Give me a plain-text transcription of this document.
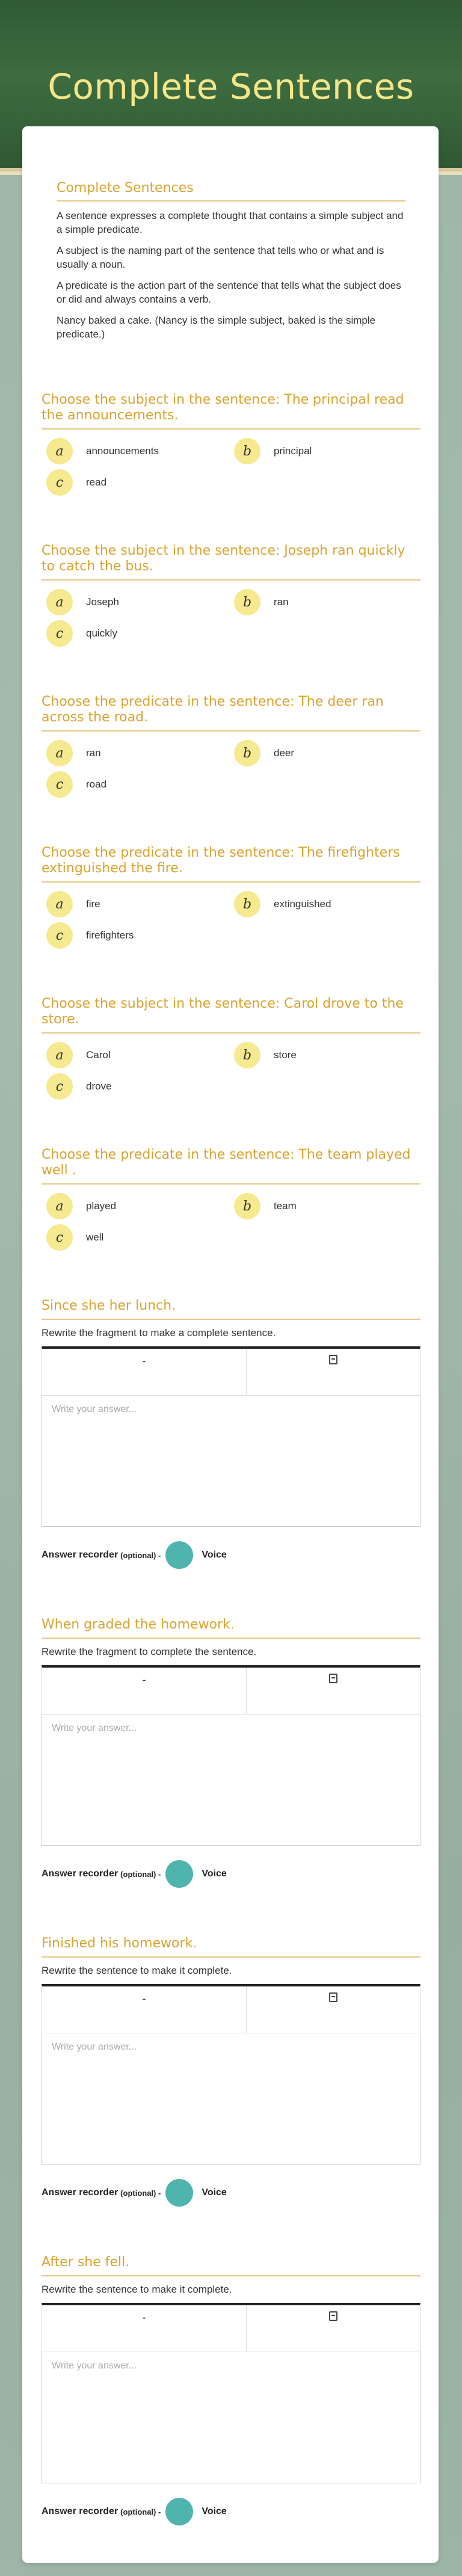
Complete Sentences
Complete Sentences

A sentence expresses a complete thought that contains a simple subject and a simple predicate.

A subject is the naming part of the sentence that tells who or what and is usually a noun.

A predicate is the action part of the sentence that tells what the subject does or did and always contains a verb.

Nancy baked a cake. (Nancy is the simple subject, baked is the simple predicate.)

Choose the subject in the sentence: The principal read the announcements.
a	announcements	b	principal
c	read
Choose the subject in the sentence: Joseph ran quickly to catch the bus.
a	Joseph	b	ran
c	quickly
Choose the predicate in the sentence: The deer ran across the road.
a	ran	b	deer
c	road
Choose the predicate in the sentence: The firefighters extinguished the fire.
a	fire	b	extinguished
c	firefighters
Choose the subject in the sentence: Carol drove to the store.
a	Carol	b	store
c	drove
Choose the predicate in the sentence: The team played well .
a	played	b	team
c	well
Since she her lunch.
Rewrite the fragment to make a complete sentence.
-
Write your answer...
Answer recorder (optional) -	Voice
When graded the homework.
Rewrite the fragment to complete the sentence.
-
Write your answer...
Answer recorder (optional) -	Voice
Finished his homework.
Rewrite the sentence to make it complete.
-
Write your answer...
Answer recorder (optional) -	Voice
After she fell.
Rewrite the sentence to make it complete.
-
Write your answer...
Answer recorder (optional) -	Voice
